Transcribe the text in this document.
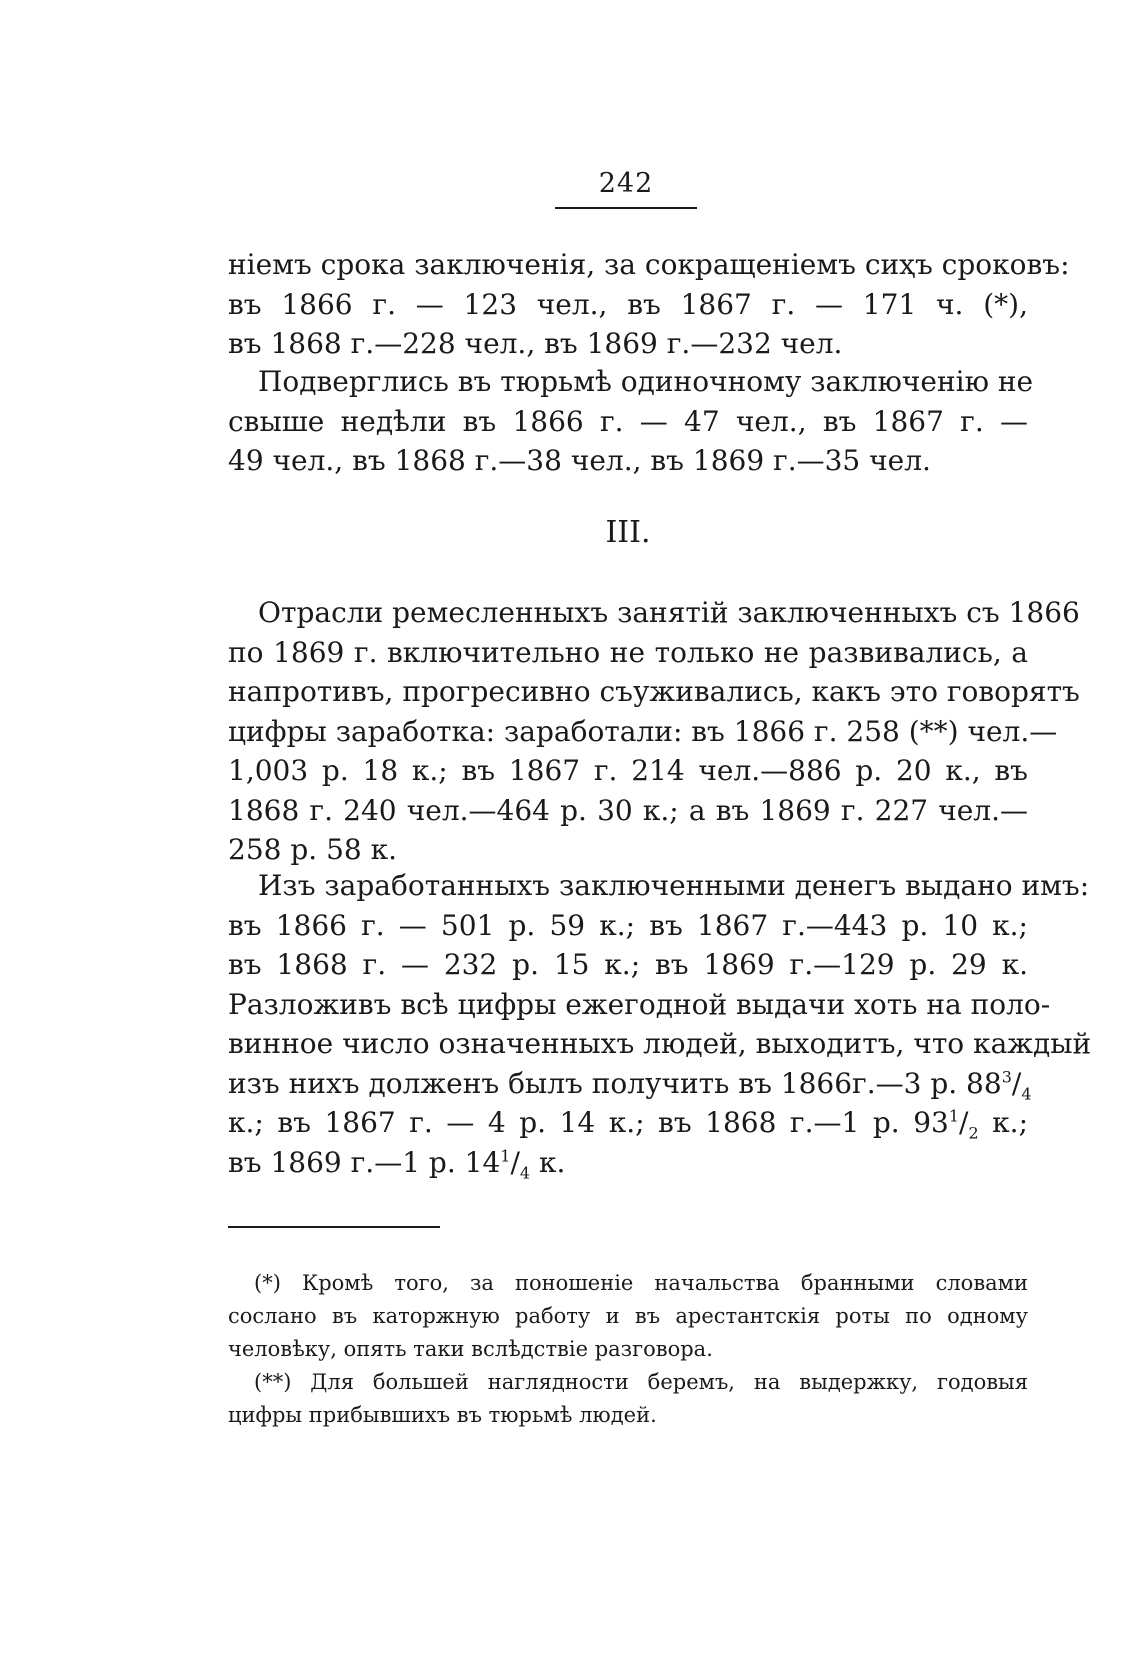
242
ніемъ срока заключенія, за сокращеніемъ сиҳъ сроковъ:
въ 1866 г. — 123 чел., въ 1867 г. — 171 ч. (*),
въ 1868 г.—228 чел., въ 1869 г.—232 чел.
Подверглись въ тюрьмѣ одиночному заключенію не
свыше недѣли въ 1866 г. — 47 чел., въ 1867 г. —
49 чел., въ 1868 г.—38 чел., въ 1869 г.—35 чел.
III.
Отрасли ремесленныхъ занятій заключенныхъ съ 1866
по 1869 г. включительно не только не развивались, а
напротивъ, прогресивно съуживались, какъ это говорятъ
цифры заработка: заработали: въ 1866 г. 258 (**) чел.—
1,003 р. 18 к.; въ 1867 г. 214 чел.—886 р. 20 к., въ
1868 г. 240 чел.—464 р. 30 к.; а въ 1869 г. 227 чел.—
258 р. 58 к.
Изъ заработанныхъ заключенными денегъ выдано имъ:
въ 1866 г. — 501 р. 59 к.; въ 1867 г.—443 р. 10 к.;
въ 1868 г. — 232 р. 15 к.; въ 1869 г.—129 р. 29 к.
Разложивъ всѣ цифры ежегодной выдачи хоть на поло-
винное число означенныхъ людей, выходитъ, что каждый
изъ нихъ долженъ былъ получить въ 1866г.—3 р. $88^3/_4$
к.; въ 1867 г. — 4 р. 14 к.; въ 1868 г.—1 р. $93^1/_2$ к.;
въ 1869 г.—1 р. $14^1/_4$ к.
(*) Кромѣ того, за поношеніе начальства бранными словами
сослано въ каторжную работу и въ арестантскія роты по одному
человѣку, опять таки вслѣдствіе разговора.
(**) Для большей наглядности беремъ, на выдержку, годовыя
цифры прибывшихъ въ тюрьмѣ людей.
